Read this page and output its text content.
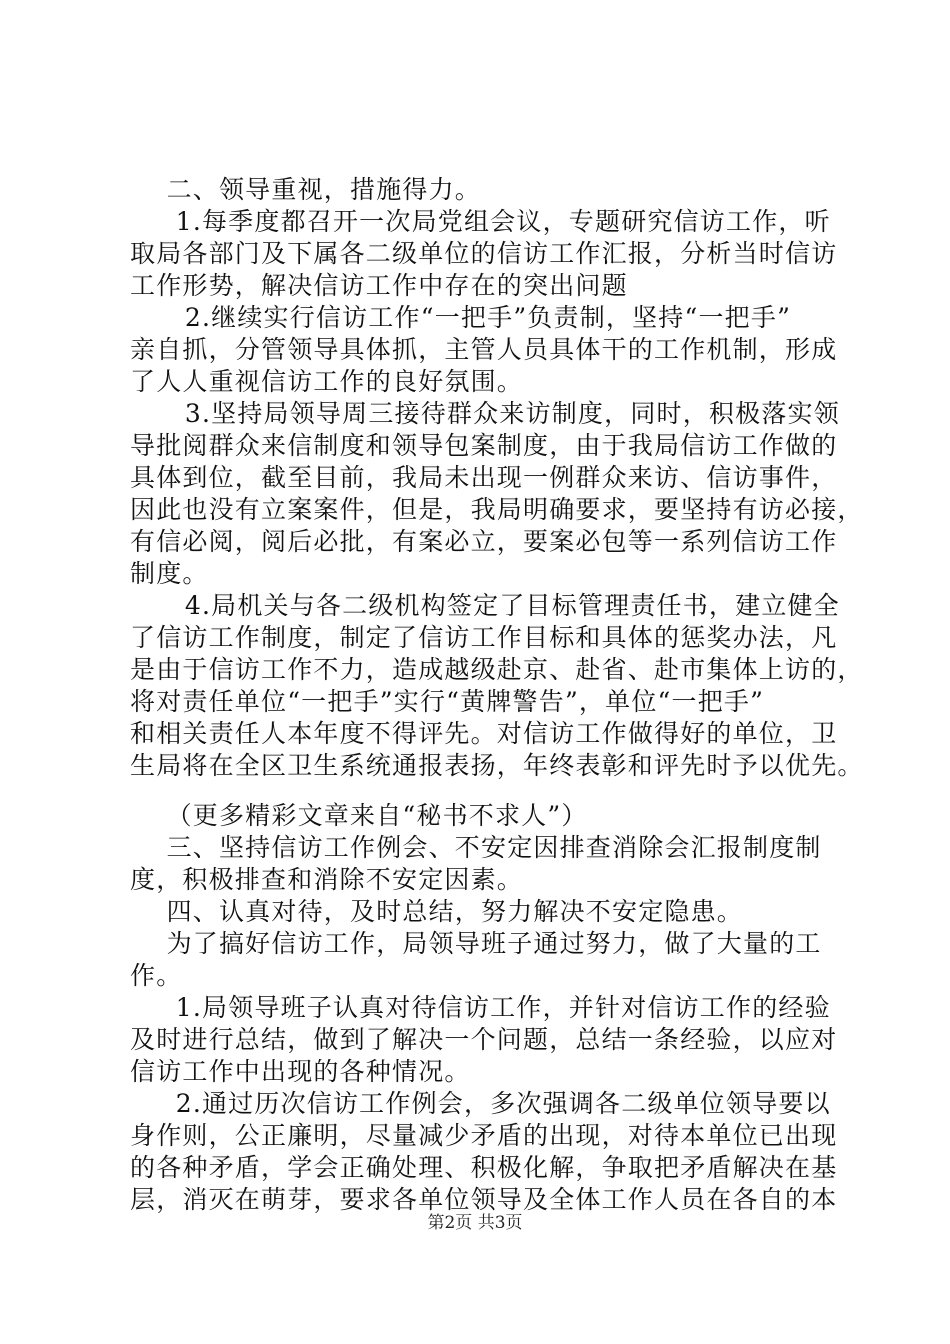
二、领导重视，措施得力。
1.每季度都召开一次局党组会议，专题研究信访工作，听
取局各部门及下属各二级单位的信访工作汇报，分析当时信访
工作形势，解决信访工作中存在的突出问题
2.继续实行信访工作“一把手”负责制，坚持“一把手”
亲自抓，分管领导具体抓，主管人员具体干的工作机制，形成
了人人重视信访工作的良好氛围。
3.坚持局领导周三接待群众来访制度，同时，积极落实领
导批阅群众来信制度和领导包案制度，由于我局信访工作做的
具体到位，截至目前，我局未出现一例群众来访、信访事件，
因此也没有立案案件，但是，我局明确要求，要坚持有访必接，
有信必阅，阅后必批，有案必立，要案必包等一系列信访工作
制度。
4.局机关与各二级机构签定了目标管理责任书，建立健全
了信访工作制度，制定了信访工作目标和具体的惩奖办法，凡
是由于信访工作不力，造成越级赴京、赴省、赴市集体上访的，
将对责任单位“一把手”实行“黄牌警告”，单位“一把手”
和相关责任人本年度不得评先。对信访工作做得好的单位，卫
生局将在全区卫生系统通报表扬，年终表彰和评先时予以优先。
（更多精彩文章来自“秘书不求人”）
三、坚持信访工作例会、不安定因排查消除会汇报制度制
度，积极排查和消除不安定因素。
四、认真对待，及时总结，努力解决不安定隐患。
为了搞好信访工作，局领导班子通过努力，做了大量的工
作。
1.局领导班子认真对待信访工作，并针对信访工作的经验
及时进行总结，做到了解决一个问题，总结一条经验，以应对
信访工作中出现的各种情况。
2.通过历次信访工作例会，多次强调各二级单位领导要以
身作则，公正廉明，尽量减少矛盾的出现，对待本单位已出现
的各种矛盾，学会正确处理、积极化解，争取把矛盾解决在基
层，消灭在萌芽，要求各单位领导及全体工作人员在各自的本
第2页 共3页
